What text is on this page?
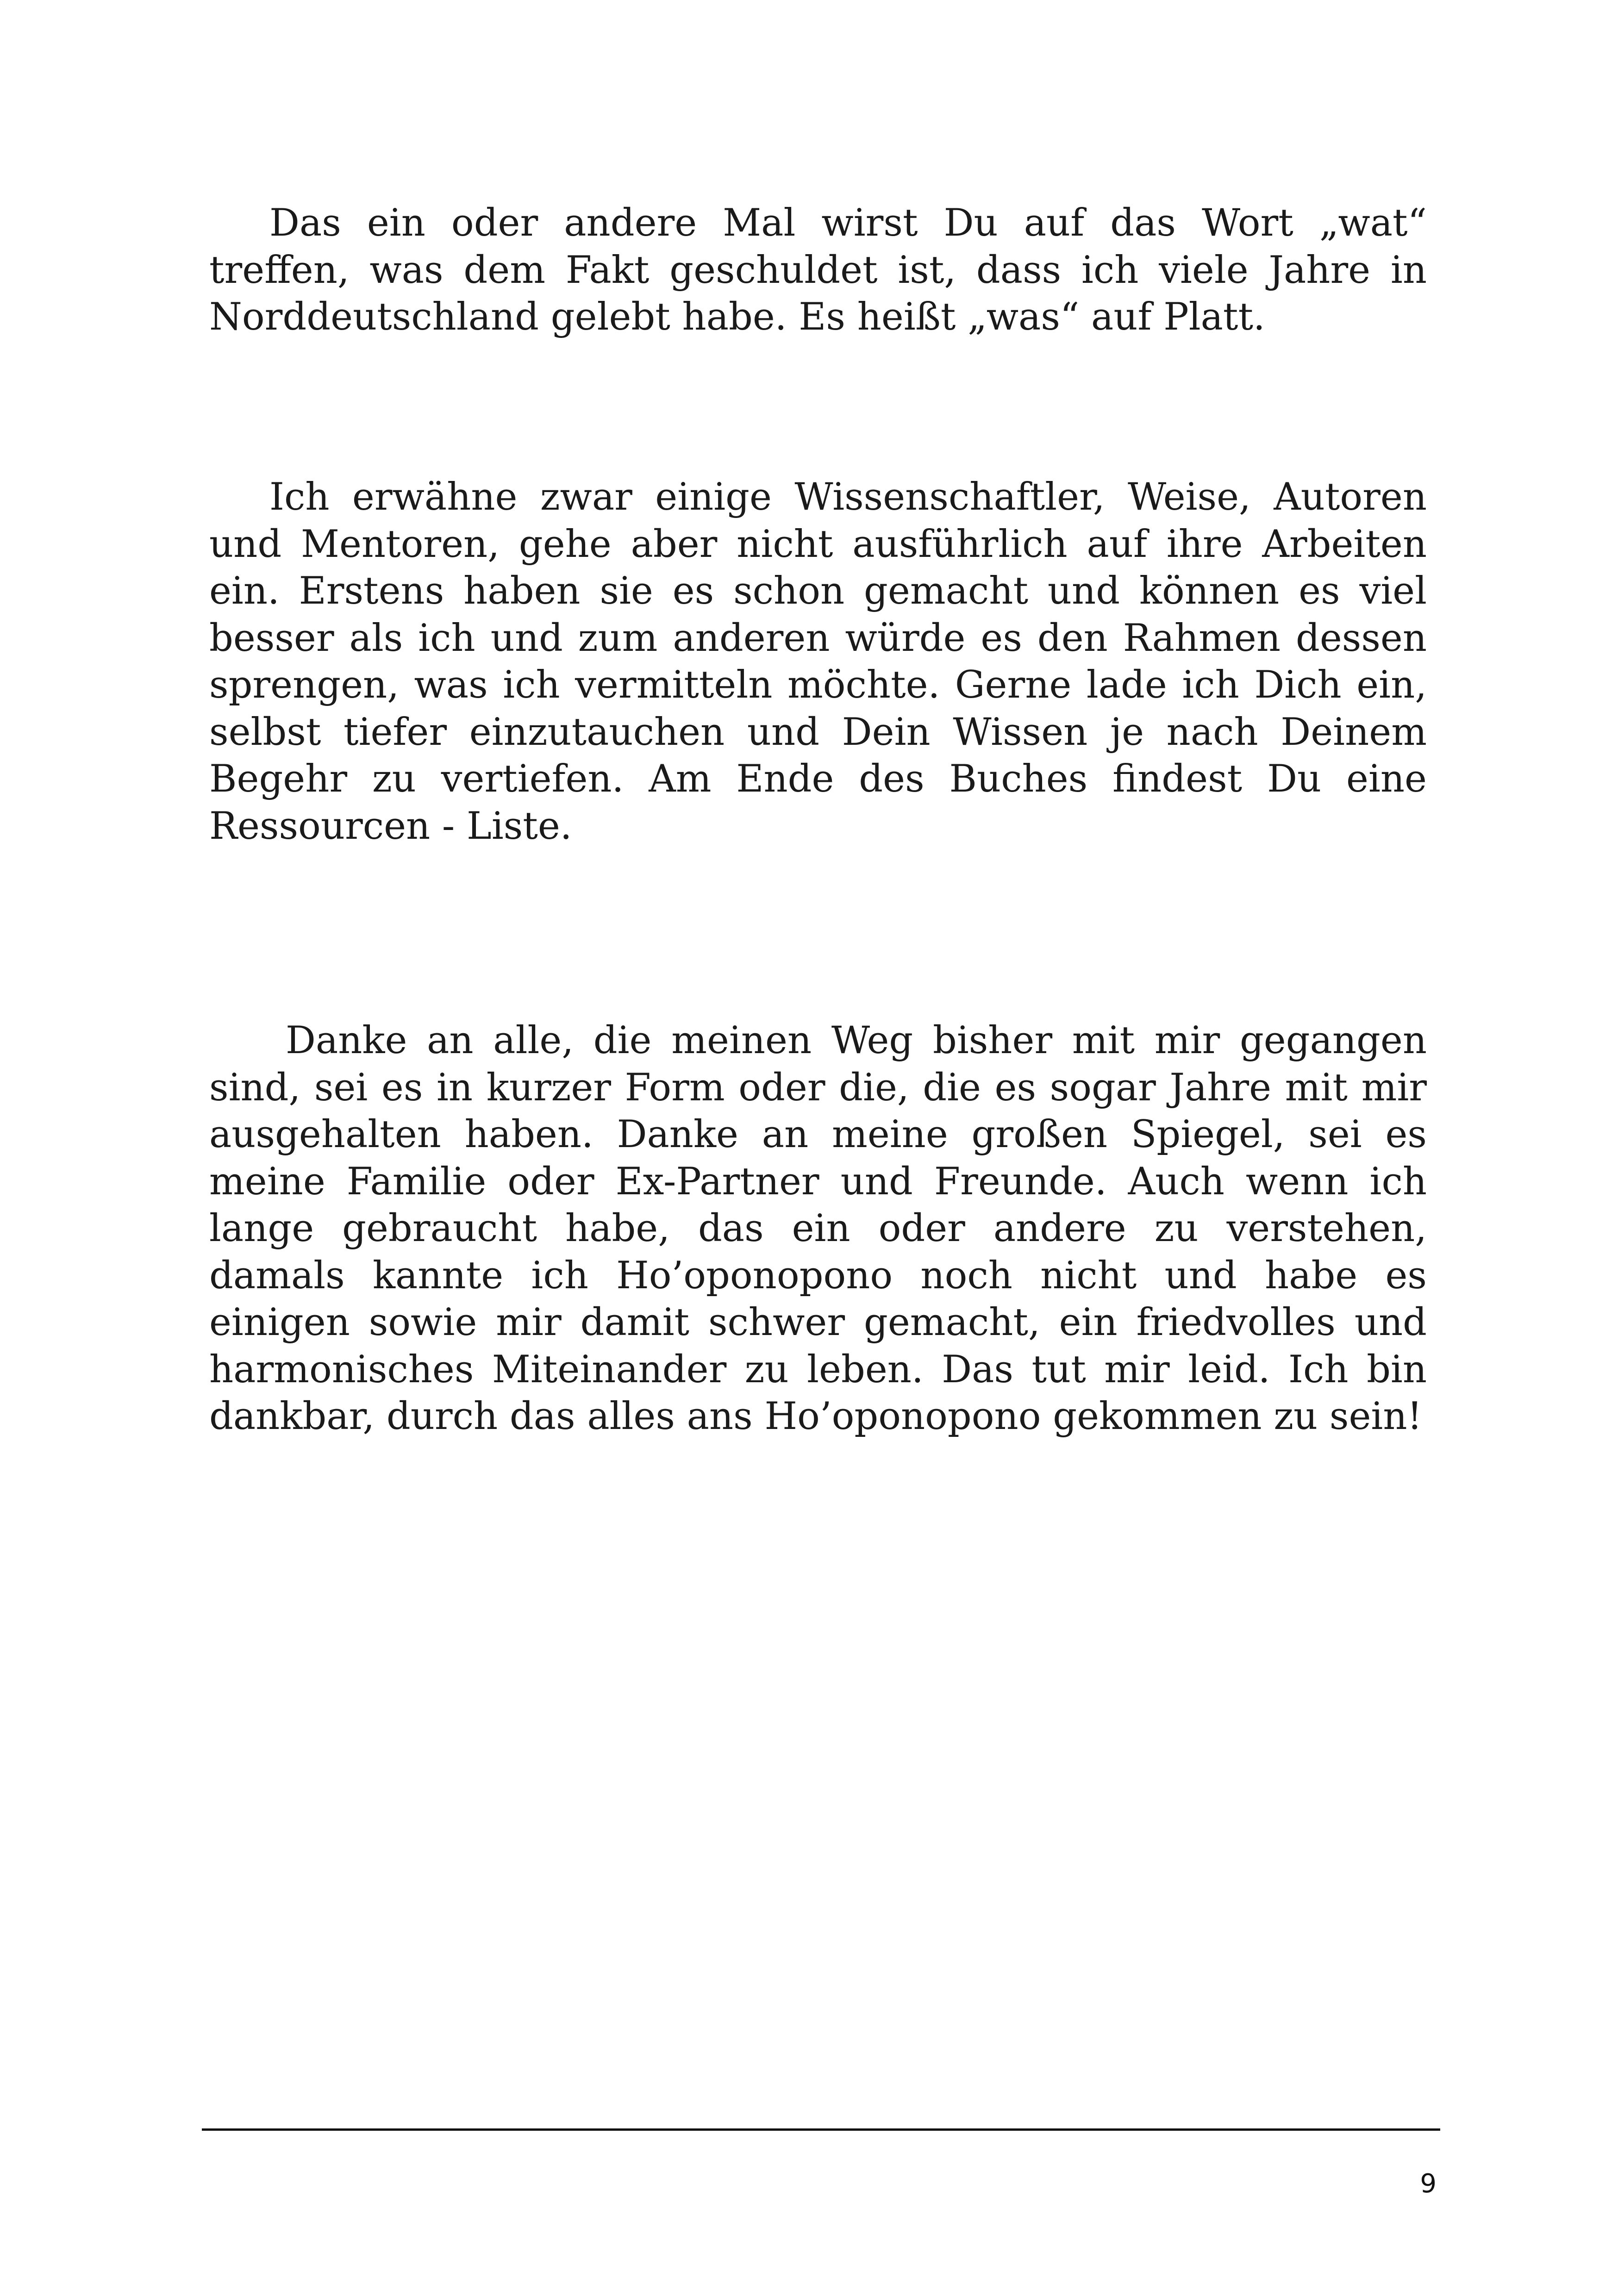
Das ein oder andere Mal wirst Du auf das Wort „wat“ treffen, was dem Fakt geschuldet ist, dass ich viele Jahre in Norddeutschland gelebt habe. Es heißt „was“ auf Platt.

Ich erwähne zwar einige Wissenschaftler, Weise, Autoren und Mentoren, gehe aber nicht ausführlich auf ihre Arbeiten ein. Erstens haben sie es schon gemacht und können es viel besser als ich und zum anderen würde es den Rahmen dessen sprengen, was ich vermitteln möchte. Gerne lade ich Dich ein, selbst tiefer einzutauchen und Dein Wissen je nach Deinem Begehr zu vertiefen. Am Ende des Buches findest Du eine Ressourcen - Liste.

Danke an alle, die meinen Weg bisher mit mir gegangen sind, sei es in kurzer Form oder die, die es sogar Jahre mit mir ausgehalten haben. Danke an meine großen Spiegel, sei es meine Familie oder Ex-Partner und Freunde. Auch wenn ich lange gebraucht habe, das ein oder andere zu verstehen, damals kannte ich Ho’oponopono noch nicht und habe es einigen sowie mir damit schwer gemacht, ein friedvolles und harmonisches Miteinander zu leben. Das tut mir leid. Ich bin dankbar, durch das alles ans Ho’oponopono gekommen zu sein!

9
